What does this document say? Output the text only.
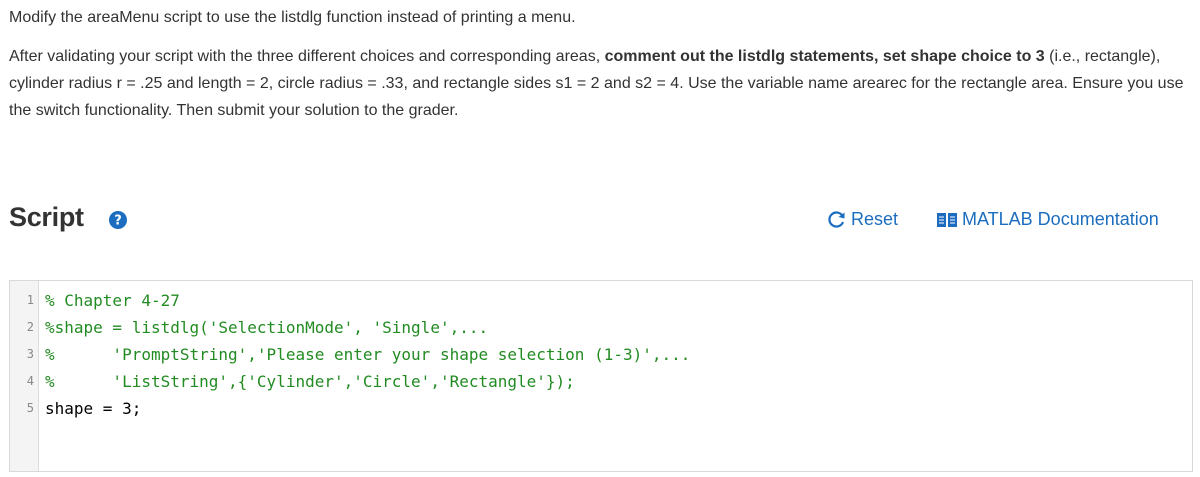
Modify the areaMenu script to use the listdlg function instead of printing a menu.

After validating your script with the three different choices and corresponding areas, comment out the listdlg statements, set shape choice to 3 (i.e., rectangle), cylinder radius r = .25 and length = 2, circle radius = .33, and rectangle sides s1 = 2 and s2 = 4. Use the variable name arearec for the rectangle area. Ensure you use the switch functionality. Then submit your solution to the grader.

Script ?	Reset	MATLAB Documentation
1 % Chapter 4-27
2 %shape = listdlg('SelectionMode', 'Single',...
3 %      'PromptString','Please enter your shape selection (1-3)',...
4 %      'ListString',{'Cylinder','Circle','Rectangle'});
5 shape = 3;
